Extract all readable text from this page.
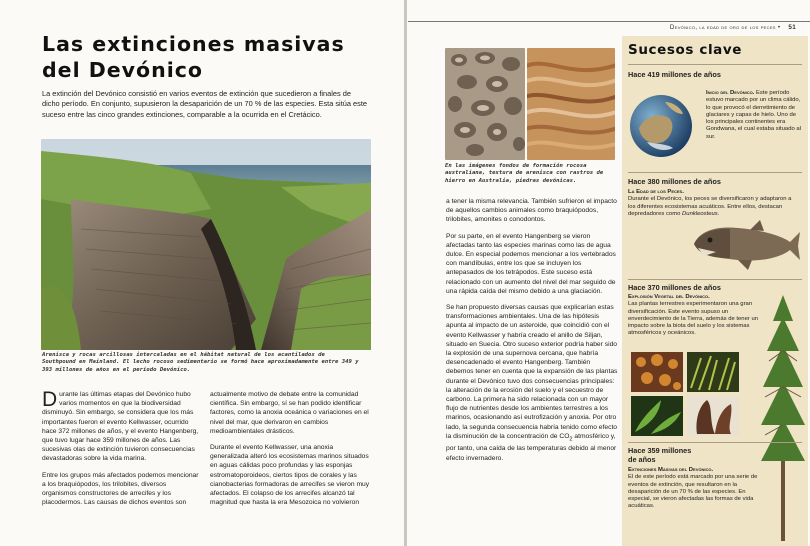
Las extinciones masivas
del Devónico

La extinción del Devónico consistió en varios eventos de extinción que sucedieron a finales de dicho período. En conjunto, supusieron la desaparición de un 70 % de las especies. Esta sitúa este suceso entre las cinco grandes extinciones, comparable a la ocurrida en el Cretácico.

Arenisca y rocas arcillosas intercaladas en el hábitat natural de los acantilados de Southpound en Mainland. El lecho rocoso sedimentario se formó hace aproximadamente entre 349 y 393 millones de años en el período Devónico.

Durante las últimas etapas del Devónico hubo varios momentos en que la biodiversidad disminuyó. Sin embargo, se considera que los más importantes fueron el evento Kellwasser, ocurrido hace 372 millones de años, y el evento Hangenberg, que tuvo lugar hace 359 millones de años. Las sucesivas olas de extinción tuvieron consecuencias devastadoras sobre la vida marina.

Entre los grupos más afectados podemos mencionar a los braquiópodos, los trilobites, diversos organismos constructores de arrecifes y los placodermos. Las causas de dichos eventos son

actualmente motivo de debate entre la comunidad científica. Sin embargo, sí se han podido identificar factores, como la anoxia oceánica o variaciones en el nivel del mar, que derivaron en cambios medioambientales drásticos.

Durante el evento Kellwasser, una anoxia generalizada alteró los ecosistemas marinos situados en aguas cálidas poco profundas y las esponjas estromatoporoideos, ciertos tipos de corales y las cianobacterias formadoras de arrecifes se vieron muy afectados. El colapso de los arrecifes alcanzó tal magnitud que hasta la era Mesozoica no volvieron

En las imágenes fondos de formación rocosa australiana, textura de arenisca con rastros de hierro en Australia, piedras devónicas.

a tener la misma relevancia. También sufrieron el impacto de aquellos cambios animales como braquiópodos, trilobites, amonites o conodontos.

Por su parte, en el evento Hangenberg se vieron afectadas tanto las especies marinas como las de agua dulce. En especial podemos mencionar a los vertebrados con mandíbulas, entre los que se incluyen los antepasados de los tetrápodos. Este suceso está relacionado con un aumento del nivel del mar seguido de una rápida caída del mismo debido a una glaciación.

Se han propuesto diversas causas que explicarían estas transformaciones ambientales. Una de las hipótesis apunta al impacto de un asteroide, que coincidió con el evento Kellwasser y habría creado el anillo de Siljan, situado en Suecia. Otro suceso exterior podría haber sido la explosión de una supernova cercana, que habría desencadenado el evento Hangenberg. También debemos tener en cuenta que la expansión de las plantas durante el Devónico tuvo dos consecuencias principales: la alteración de la erosión del suelo y el secuestro de carbono. La primera ha sido relacionada con un mayor flujo de nutrientes desde los ambientes terrestres a los marinos, ocasionando así eutrofización y anoxia. Por otro lado, la segunda consecuencia habría tenido como efecto la disminución de la concentración de $CO_2$ atmosférico y, por tanto, una caída de las temperaturas debido al menor efecto invernadero.

Sucesos clave
Hace 419 millones de años

Inicio del Devónico. Este período estuvo marcado por un clima cálido, lo que provocó el derretimiento de glaciares y capas de hielo. Uno de los principales continentes era Gondwana, el cual estaba situado al sur.

Hace 380 millones de años

La Edad de los Peces.
Durante el Devónico, los peces se diversificaron y adaptaron a los diferentes ecosistemas acuáticos. Entre ellos, destacan depredadores como Dunkleosteus.

Hace 370 millones de años

Explosión Vegetal del Devónico.
Las plantas terrestres experimentaron una gran diversificación. Este evento supuso un enverdecimiento de la Tierra, además de tener un impacto sobre la biota del suelo y los sistemas atmosféricos y oceánicos.

Hace 359 millones
de años

Extinciones Masivas del Devónico.
El de este período está marcado por una serie de eventos de extinción, que resultaron en la desaparición de un 70 % de las especies. En especial, se vieron afectadas las formas de vida acuáticas.

Devónico, la edad de oro de los peces • 51
